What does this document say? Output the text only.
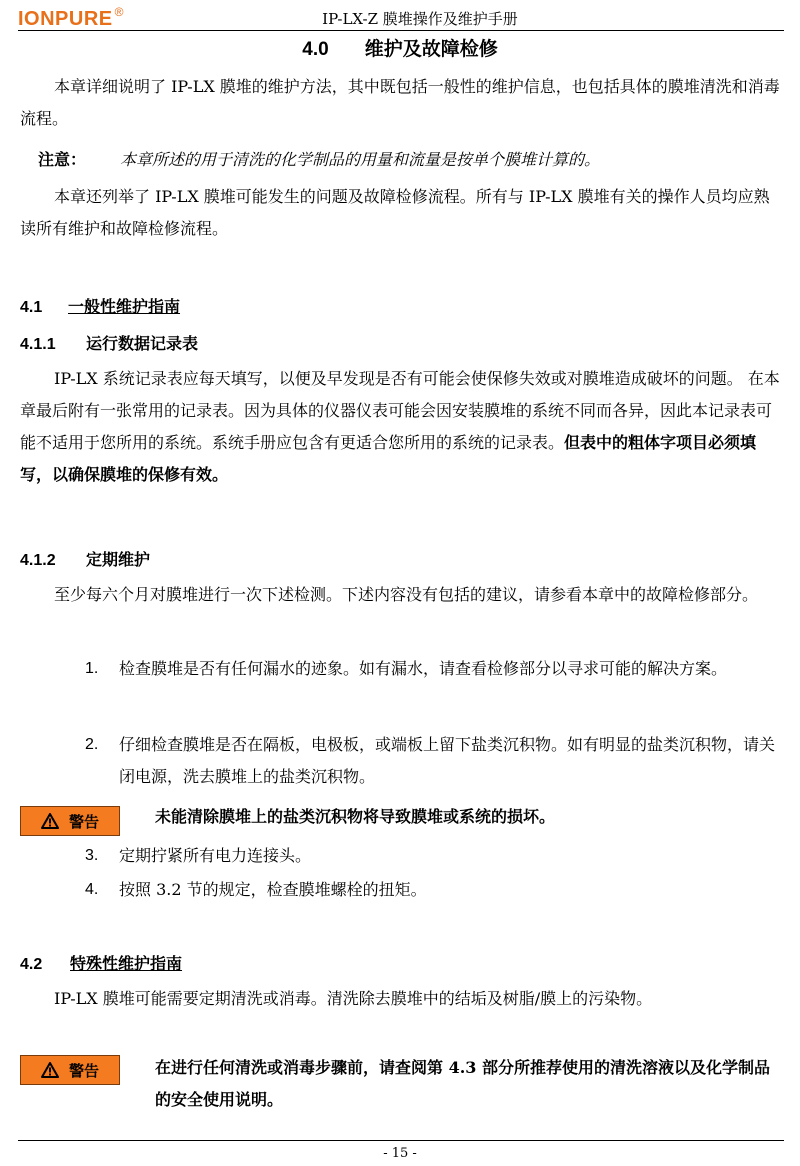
IONPURE ®	IP-LX-Z 膜堆操作及维护手册
4.0 维护及故障检修
本章详细说明了 IP-LX 膜堆的维护方法，其中既包括一般性的维护信息，也包括具体的膜堆清洗和消毒流程。
注意： 本章所述的用于清洗的化学制品的用量和流量是按单个膜堆计算的。
本章还列举了 IP-LX 膜堆可能发生的问题及故障检修流程。所有与 IP-LX 膜堆有关的操作人员均应熟读所有维护和故障检修流程。
4.1 一般性维护指南
4.1.1 运行数据记录表
IP-LX 系统记录表应每天填写，以便及早发现是否有可能会使保修失效或对膜堆造成破坏的问题。 在本章最后附有一张常用的记录表。因为具体的仪器仪表可能会因安装膜堆的系统不同而各异，因此本记录表可能不适用于您所用的系统。系统手册应包含有更适合您所用的系统的记录表。但表中的粗体字项目必须填写，以确保膜堆的保修有效。
4.1.2 定期维护
至少每六个月对膜堆进行一次下述检测。下述内容没有包括的建议，请参看本章中的故障检修部分。
1.	检查膜堆是否有任何漏水的迹象。如有漏水，请查看检修部分以寻求可能的解决方案。
2.	仔细检查膜堆是否在隔板，电极板，或端板上留下盐类沉积物。如有明显的盐类沉积物，请关闭电源，洗去膜堆上的盐类沉积物。
警告	未能清除膜堆上的盐类沉积物将导致膜堆或系统的损坏。
3.	定期拧紧所有电力连接头。
4.	按照 3.2 节的规定，检查膜堆螺栓的扭矩。
4.2 特殊性维护指南
IP-LX 膜堆可能需要定期清洗或消毒。清洗除去膜堆中的结垢及树脂/膜上的污染物。
警告	在进行任何清洗或消毒步骤前，请查阅第 4.3 部分所推荐使用的清洗溶液以及化学制品的安全使用说明。
- 15 -
